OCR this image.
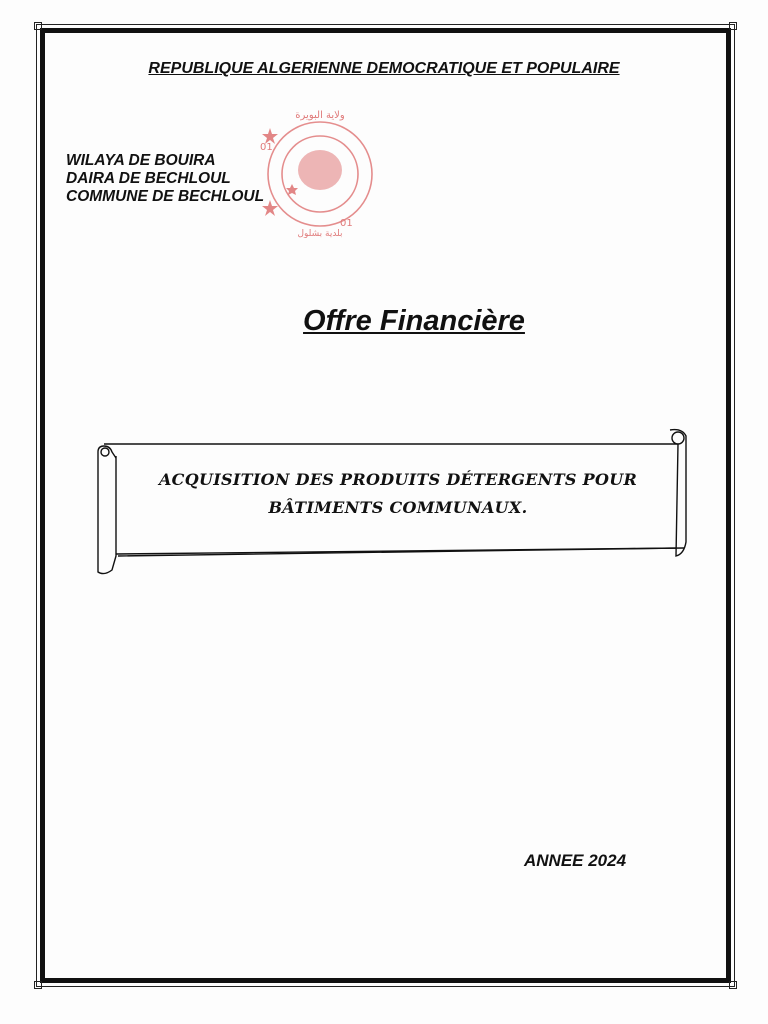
REPUBLIQUE ALGERIENNE DEMOCRATIQUE ET POPULAIRE
WILAYA DE BOUIRA
DAIRA DE BECHLOUL
COMMUNE DE BECHLOUL
01
01
ولاية البويرة
بلدية بشلول
Offre Financière
ACQUISITION DES PRODUITS DÉTERGENTS POUR
BÂTIMENTS COMMUNAUX.
ANNEE 2024
